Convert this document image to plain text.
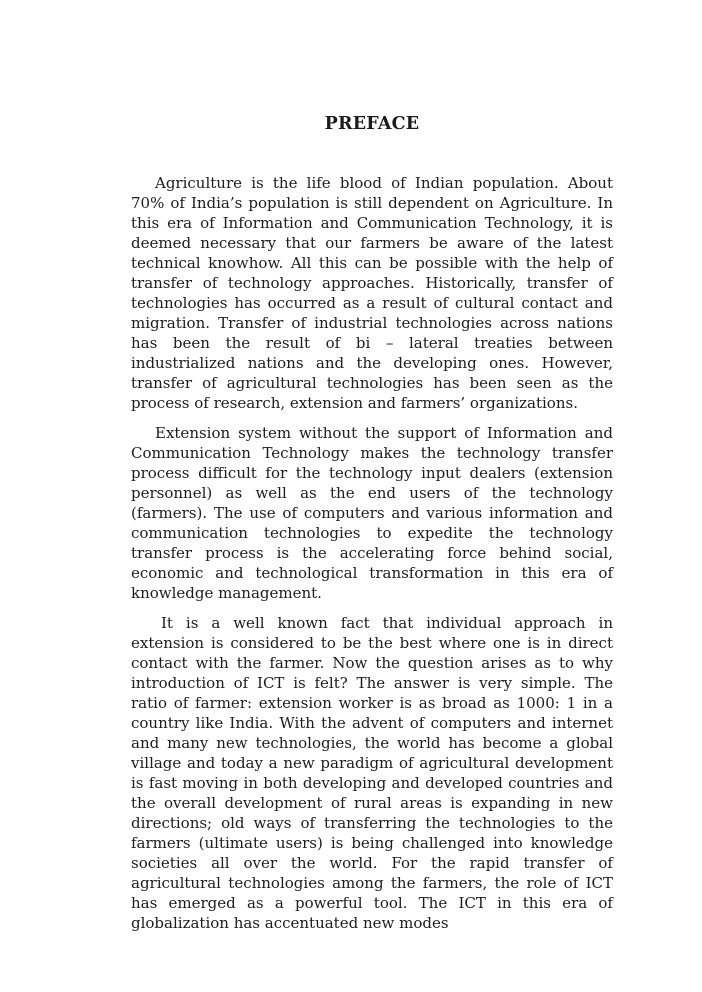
PREFACE

Agriculture is the life blood of Indian population. About 70% of India’s population is still dependent on Agriculture. In this era of Information and Communication Technology, it is deemed necessary that our farmers be aware of the latest technical knowhow. All this can be possible with the help of transfer of technology approaches. Historically, transfer of technologies has occurred as a result of cultural contact and migration. Transfer of industrial technologies across nations has been the result of bi – lateral treaties between industrialized nations and the developing ones. However, transfer of agricultural technologies has been seen as the process of research, extension and farmers’ organizations.

Extension system without the support of Information and Communication Technology makes the technology transfer process difficult for the technology input dealers (extension personnel) as well as the end users of the technology (farmers). The use of computers and various information and communication technologies to expedite the technology transfer process is the accelerating force behind social, economic and technological transformation in this era of knowledge management.

It is a well known fact that individual approach in extension is considered to be the best where one is in direct contact with the farmer. Now the question arises as to why introduction of ICT is felt? The answer is very simple. The ratio of farmer: extension worker is as broad as 1000: 1 in a country like India. With the advent of computers and internet and many new technologies, the world has become a global village and today a new paradigm of agricultural development is fast moving in both developing and developed countries and the overall development of rural areas is expanding in new directions; old ways of transferring the technologies to the farmers (ultimate users) is being challenged into knowledge societies all over the world. For the rapid transfer of agricultural technologies among the farmers, the role of ICT has emerged as a powerful tool. The ICT in this era of globalization has accentuated new modes
